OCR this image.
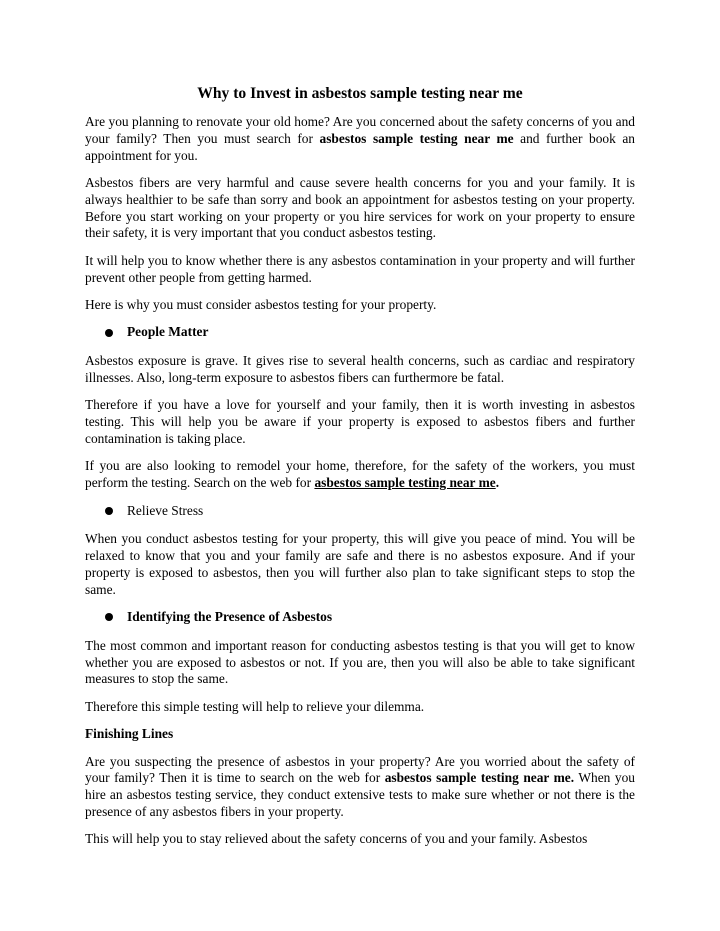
Why to Invest in asbestos sample testing near me

Are you planning to renovate your old home? Are you concerned about the safety concerns of you and your family? Then you must search for asbestos sample testing near me and further book an appointment for you.

Asbestos fibers are very harmful and cause severe health concerns for you and your family. It is always healthier to be safe than sorry and book an appointment for asbestos testing on your property. Before you start working on your property or you hire services for work on your property to ensure their safety, it is very important that you conduct asbestos testing.

It will help you to know whether there is any asbestos contamination in your property and will further prevent other people from getting harmed.

Here is why you must consider asbestos testing for your property.

People Matter

Asbestos exposure is grave. It gives rise to several health concerns, such as cardiac and respiratory illnesses. Also, long-term exposure to asbestos fibers can furthermore be fatal.

Therefore if you have a love for yourself and your family, then it is worth investing in asbestos testing. This will help you be aware if your property is exposed to asbestos fibers and further contamination is taking place.

If you are also looking to remodel your home, therefore, for the safety of the workers, you must perform the testing. Search on the web for asbestos sample testing near me.

Relieve Stress

When you conduct asbestos testing for your property, this will give you peace of mind. You will be relaxed to know that you and your family are safe and there is no asbestos exposure. And if your property is exposed to asbestos, then you will further also plan to take significant steps to stop the same.

Identifying the Presence of Asbestos

The most common and important reason for conducting asbestos testing is that you will get to know whether you are exposed to asbestos or not. If you are, then you will also be able to take significant measures to stop the same.

Therefore this simple testing will help to relieve your dilemma.

Finishing Lines

Are you suspecting the presence of asbestos in your property? Are you worried about the safety of your family? Then it is time to search on the web for asbestos sample testing near me. When you hire an asbestos testing service, they conduct extensive tests to make sure whether or not there is the presence of any asbestos fibers in your property.

This will help you to stay relieved about the safety concerns of you and your family. Asbestos
